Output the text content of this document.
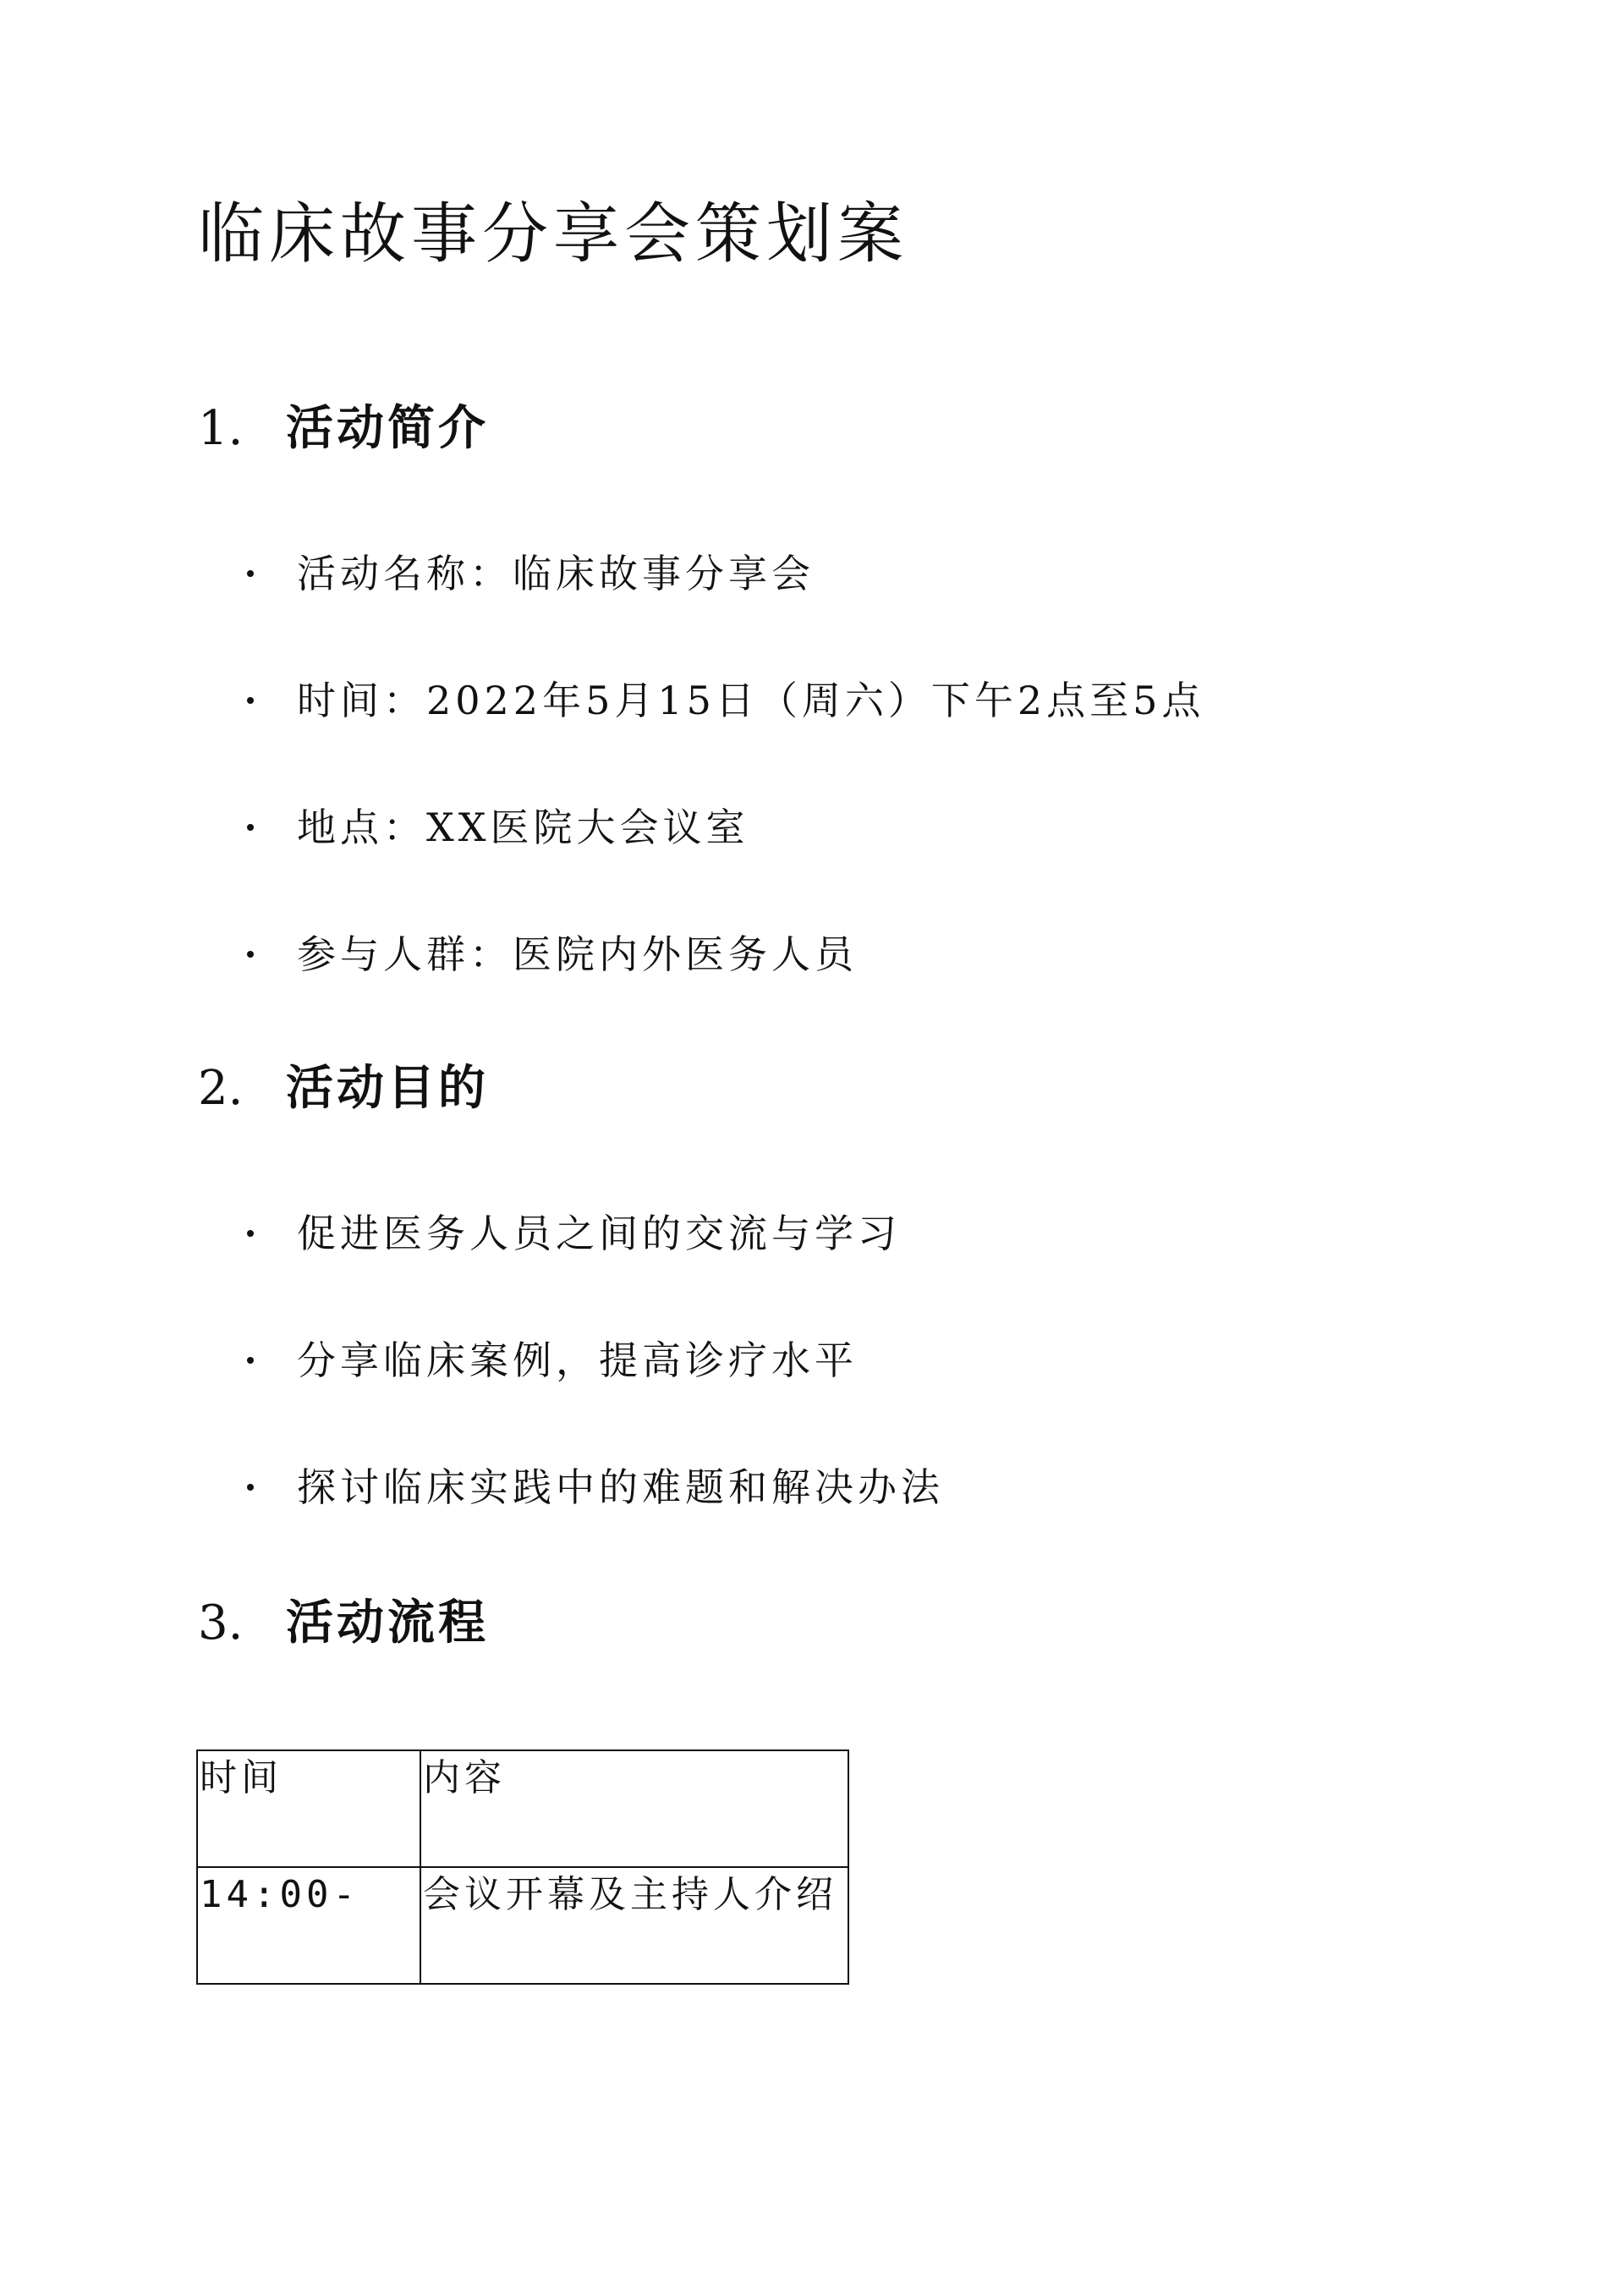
临床故事分享会策划案
1. 活动简介
活动名称：临床故事分享会
时间：2022年5月15日（周六）下午2点至5点
地点：XX医院大会议室
参与人群：医院内外医务人员
2. 活动目的
促进医务人员之间的交流与学习
分享临床案例，提高诊疗水平
探讨临床实践中的难题和解决办法
3. 活动流程
时间	内容
14:00-	会议开幕及主持人介绍
